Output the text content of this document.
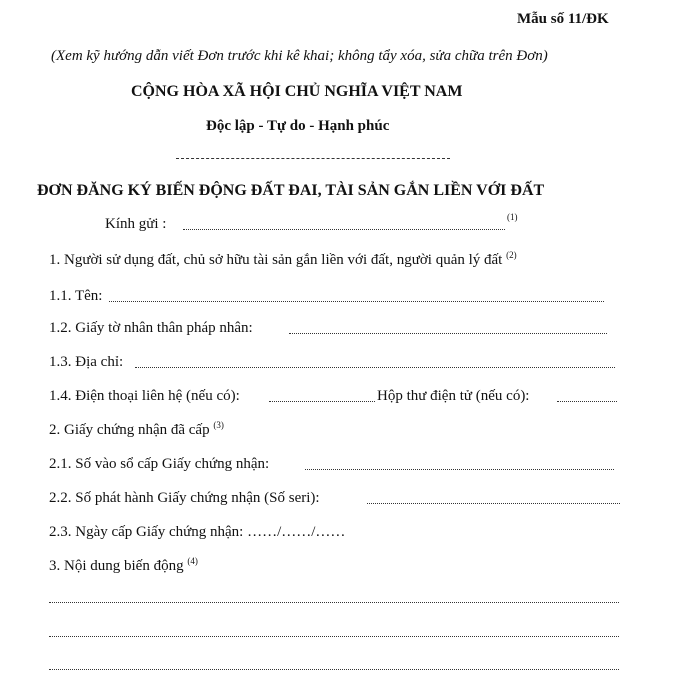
Mẫu số 11/ĐK
(Xem kỹ hướng dẫn viết Đơn trước khi kê khai; không tẩy xóa, sửa chữa trên Đơn)
CỘNG HÒA XÃ HỘI CHỦ NGHĨA VIỆT NAM
Độc lập - Tự do - Hạnh phúc
ĐƠN ĐĂNG KÝ BIẾN ĐỘNG ĐẤT ĐAI, TÀI SẢN GẮN LIỀN VỚI ĐẤT
Kính gửi :	$^{(1)}$
1. Người sử dụng đất, chủ sở hữu tài sản gắn liền với đất, người quản lý đất $^{(2)}$
1.1. Tên:
1.2. Giấy tờ nhân thân pháp nhân:
1.3. Địa chỉ:
1.4. Điện thoại liên hệ (nếu có):	Hộp thư điện tử (nếu có):
2. Giấy chứng nhận đã cấp $^{(3)}$
2.1. Số vào sổ cấp Giấy chứng nhận:
2.2. Số phát hành Giấy chứng nhận (Số seri):
2.3. Ngày cấp Giấy chứng nhận: ……/……/……
3. Nội dung biến động $^{(4)}$
